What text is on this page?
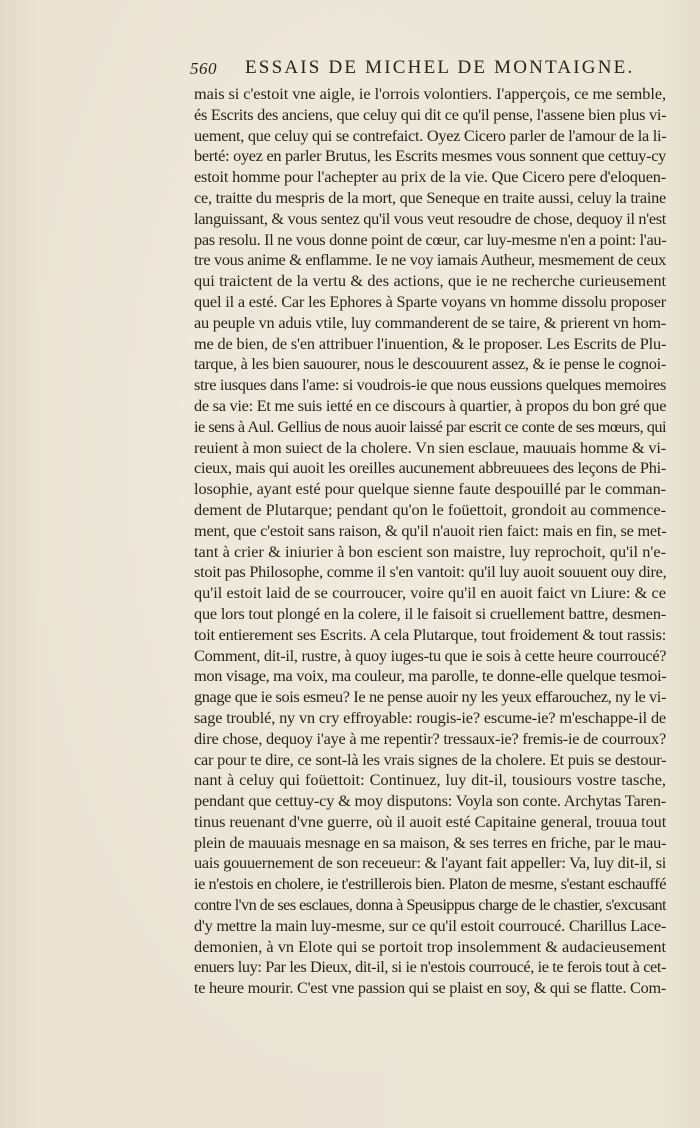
560 ESSAIS DE MICHEL DE MONTAIGNE.
mais si c'estoit vne aigle, ie l'orrois volontiers. I'apperçois, ce me semble,
és Escrits des anciens, que celuy qui dit ce qu'il pense, l'assene bien plus vi-
uement, que celuy qui se contrefaict. Oyez Cicero parler de l'amour de la li-
berté: oyez en parler Brutus, les Escrits mesmes vous sonnent que cettuy-cy
estoit homme pour l'achepter au prix de la vie. Que Cicero pere d'eloquen-
ce, traitte du mespris de la mort, que Seneque en traite aussi, celuy la traine
languissant, & vous sentez qu'il vous veut resoudre de chose, dequoy il n'est
pas resolu. Il ne vous donne point de cœur, car luy-mesme n'en a point: l'au-
tre vous anime & enflamme. Ie ne voy iamais Autheur, mesmement de ceux
qui traictent de la vertu & des actions, que ie ne recherche curieusement
quel il a esté. Car les Ephores à Sparte voyans vn homme dissolu proposer
au peuple vn aduis vtile, luy commanderent de se taire, & prierent vn hom-
me de bien, de s'en attribuer l'inuention, & le proposer. Les Escrits de Plu-
tarque, à les bien sauourer, nous le descouurent assez, & ie pense le cognoi-
stre iusques dans l'ame: si voudrois-ie que nous eussions quelques memoires
de sa vie: Et me suis ietté en ce discours à quartier, à propos du bon gré que
ie sens à Aul. Gellius de nous auoir laissé par escrit ce conte de ses mœurs, qui
reuient à mon suiect de la cholere. Vn sien esclaue, mauuais homme & vi-
cieux, mais qui auoit les oreilles aucunement abbreuuees des leçons de Phi-
losophie, ayant esté pour quelque sienne faute despouillé par le comman-
dement de Plutarque; pendant qu'on le foüettoit, grondoit au commence-
ment, que c'estoit sans raison, & qu'il n'auoit rien faict: mais en fin, se met-
tant à crier & iniurier à bon escient son maistre, luy reprochoit, qu'il n'e-
stoit pas Philosophe, comme il s'en vantoit: qu'il luy auoit souuent ouy dire,
qu'il estoit laid de se courroucer, voire qu'il en auoit faict vn Liure: & ce
que lors tout plongé en la colere, il le faisoit si cruellement battre, desmen-
toit entierement ses Escrits. A cela Plutarque, tout froidement & tout rassis:
Comment, dit-il, rustre, à quoy iuges-tu que ie sois à cette heure courroucé?
mon visage, ma voix, ma couleur, ma parolle, te donne-elle quelque tesmoi-
gnage que ie sois esmeu? Ie ne pense auoir ny les yeux effarouchez, ny le vi-
sage troublé, ny vn cry effroyable: rougis-ie? escume-ie? m'eschappe-il de
dire chose, dequoy i'aye à me repentir? tressaux-ie? fremis-ie de courroux?
car pour te dire, ce sont-là les vrais signes de la cholere. Et puis se destour-
nant à celuy qui foüettoit: Continuez, luy dit-il, tousiours vostre tasche,
pendant que cettuy-cy & moy disputons: Voyla son conte. Archytas Taren-
tinus reuenant d'vne guerre, où il auoit esté Capitaine general, trouua tout
plein de mauuais mesnage en sa maison, & ses terres en friche, par le mau-
uais gouuernement de son receueur: & l'ayant fait appeller: Va, luy dit-il, si
ie n'estois en cholere, ie t'estrillerois bien. Platon de mesme, s'estant eschauffé
contre l'vn de ses esclaues, donna à Speusippus charge de le chastier, s'excusant
d'y mettre la main luy-mesme, sur ce qu'il estoit courroucé. Charillus Lace-
demonien, à vn Elote qui se portoit trop insolemment & audacieusement
enuers luy: Par les Dieux, dit-il, si ie n'estois courroucé, ie te ferois tout à cet-
te heure mourir. C'est vne passion qui se plaist en soy, & qui se flatte. Com-
